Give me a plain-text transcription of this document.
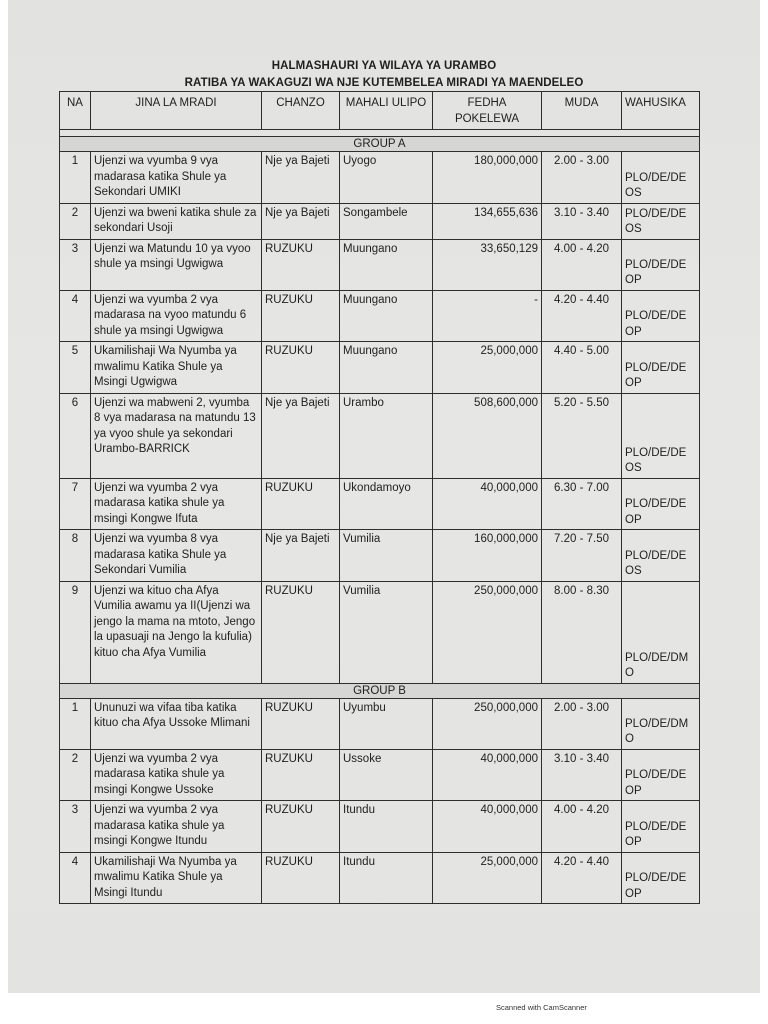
HALMASHAURI YA WILAYA YA URAMBO
RATIBA YA WAKAGUZI WA NJE KUTEMBELEA MIRADI YA MAENDELEO
NA	JINA LA MRADI	CHANZO	MAHALI ULIPO	FEDHA POKELEWA	MUDA	WAHUSIKA

GROUP A						
1	Ujenzi wa vyumba 9 vya madarasa katika Shule ya Sekondari UMIKI	Nje ya Bajeti	Uyogo	180,000,000	2.00 - 3.00	PLO/DE/DE OS
2	Ujenzi wa bweni katika shule za sekondari Usoji	Nje ya Bajeti	Songambele	134,655,636	3.10 - 3.40	PLO/DE/DE OS
3	Ujenzi wa Matundu 10 ya vyoo shule ya msingi Ugwigwa	RUZUKU	Muungano	33,650,129	4.00 - 4.20	PLO/DE/DE OP
4	Ujenzi wa vyumba 2 vya madarasa na vyoo matundu 6 shule ya msingi Ugwigwa	RUZUKU	Muungano	-	4.20 - 4.40	PLO/DE/DE OP
5	Ukamilishaji Wa Nyumba ya mwalimu Katika Shule ya Msingi Ugwigwa	RUZUKU	Muungano	25,000,000	4.40 - 5.00	PLO/DE/DE OP
6	Ujenzi wa mabweni 2, vyumba 8 vya madarasa na matundu 13 ya vyoo shule ya sekondari Urambo-BARRICK	Nje ya Bajeti	Urambo	508,600,000	5.20 - 5.50	PLO/DE/DE OS
7	Ujenzi wa vyumba 2 vya madarasa katika shule ya msingi Kongwe Ifuta	RUZUKU	Ukondamoyo	40,000,000	6.30 - 7.00	PLO/DE/DE OP
8	Ujenzi wa vyumba 8 vya madarasa katika Shule ya Sekondari Vumilia	Nje ya Bajeti	Vumilia	160,000,000	7.20 - 7.50	PLO/DE/DE OS
9	Ujenzi wa kituo cha Afya Vumilia awamu ya II(Ujenzi wa jengo la mama na mtoto, Jengo la upasuaji na Jengo la kufulia) kituo cha Afya Vumilia	RUZUKU	Vumilia	250,000,000	8.00 - 8.30	PLO/DE/DM O
GROUP B						
1	Ununuzi wa vifaa tiba katika kituo cha Afya Ussoke Mlimani	RUZUKU	Uyumbu	250,000,000	2.00 - 3.00	PLO/DE/DM O
2	Ujenzi wa vyumba 2 vya madarasa katika shule ya msingi Kongwe Ussoke	RUZUKU	Ussoke	40,000,000	3.10 - 3.40	PLO/DE/DE OP
3	Ujenzi wa vyumba 2 vya madarasa katika shule ya msingi Kongwe Itundu	RUZUKU	Itundu	40,000,000	4.00 - 4.20	PLO/DE/DE OP
4	Ukamilishaji Wa Nyumba ya mwalimu Katika Shule ya Msingi Itundu	RUZUKU	Itundu	25,000,000	4.20 - 4.40	PLO/DE/DE OP
Scanned with CamScanner
